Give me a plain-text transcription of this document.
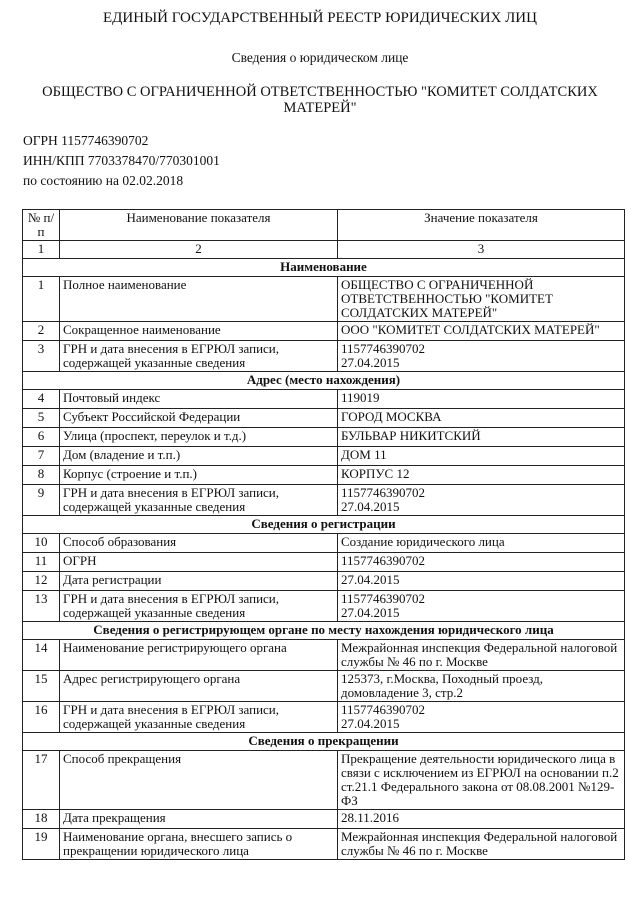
ЕДИНЫЙ ГОСУДАРСТВЕННЫЙ РЕЕСТР ЮРИДИЧЕСКИХ ЛИЦ
Сведения о юридическом лице
ОБЩЕСТВО С ОГРАНИЧЕННОЙ ОТВЕТСТВЕННОСТЬЮ "КОМИТЕТ СОЛДАТСКИХ МАТЕРЕЙ"
ОГРН 1157746390702
ИНН/КПП 7703378470/770301001
по состоянию на 02.02.2018
№ п/п	Наименование показателя	Значение показателя
1	2	3
Наименование		
1	Полное наименование	ОБЩЕСТВО С ОГРАНИЧЕННОЙ ОТВЕТСТВЕННОСТЬЮ "КОМИТЕТ СОЛДАТСКИХ МАТЕРЕЙ"
2	Сокращенное наименование	ООО "КОМИТЕТ СОЛДАТСКИХ МАТЕРЕЙ"
3	ГРН и дата внесения в ЕГРЮЛ записи, содержащей указанные сведения	1157746390702
27.04.2015
Адрес (место нахождения)		
4	Почтовый индекс	119019
5	Субъект Российской Федерации	ГОРОД МОСКВА
6	Улица (проспект, переулок и т.д.)	БУЛЬВАР НИКИТСКИЙ
7	Дом (владение и т.п.)	ДОМ 11
8	Корпус (строение и т.п.)	КОРПУС 12
9	ГРН и дата внесения в ЕГРЮЛ записи, содержащей указанные сведения	1157746390702
27.04.2015
Сведения о регистрации		
10	Способ образования	Создание юридического лица
11	ОГРН	1157746390702
12	Дата регистрации	27.04.2015
13	ГРН и дата внесения в ЕГРЮЛ записи, содержащей указанные сведения	1157746390702
27.04.2015
Сведения о регистрирующем органе по месту нахождения юридического лица		
14	Наименование регистрирующего органа	Межрайонная инспекция Федеральной налоговой службы № 46 по г. Москве
15	Адрес регистрирующего органа	125373, г.Москва, Походный проезд, домовладение 3, стр.2
16	ГРН и дата внесения в ЕГРЮЛ записи, содержащей указанные сведения	1157746390702
27.04.2015
Сведения о прекращении		
17	Способ прекращения	Прекращение деятельности юридического лица в связи с исключением из ЕГРЮЛ на основании п.2 ст.21.1 Федерального закона от 08.08.2001 №129-ФЗ
18	Дата прекращения	28.11.2016
19	Наименование органа, внесшего запись о прекращении юридического лица	Межрайонная инспекция Федеральной налоговой службы № 46 по г. Москве
